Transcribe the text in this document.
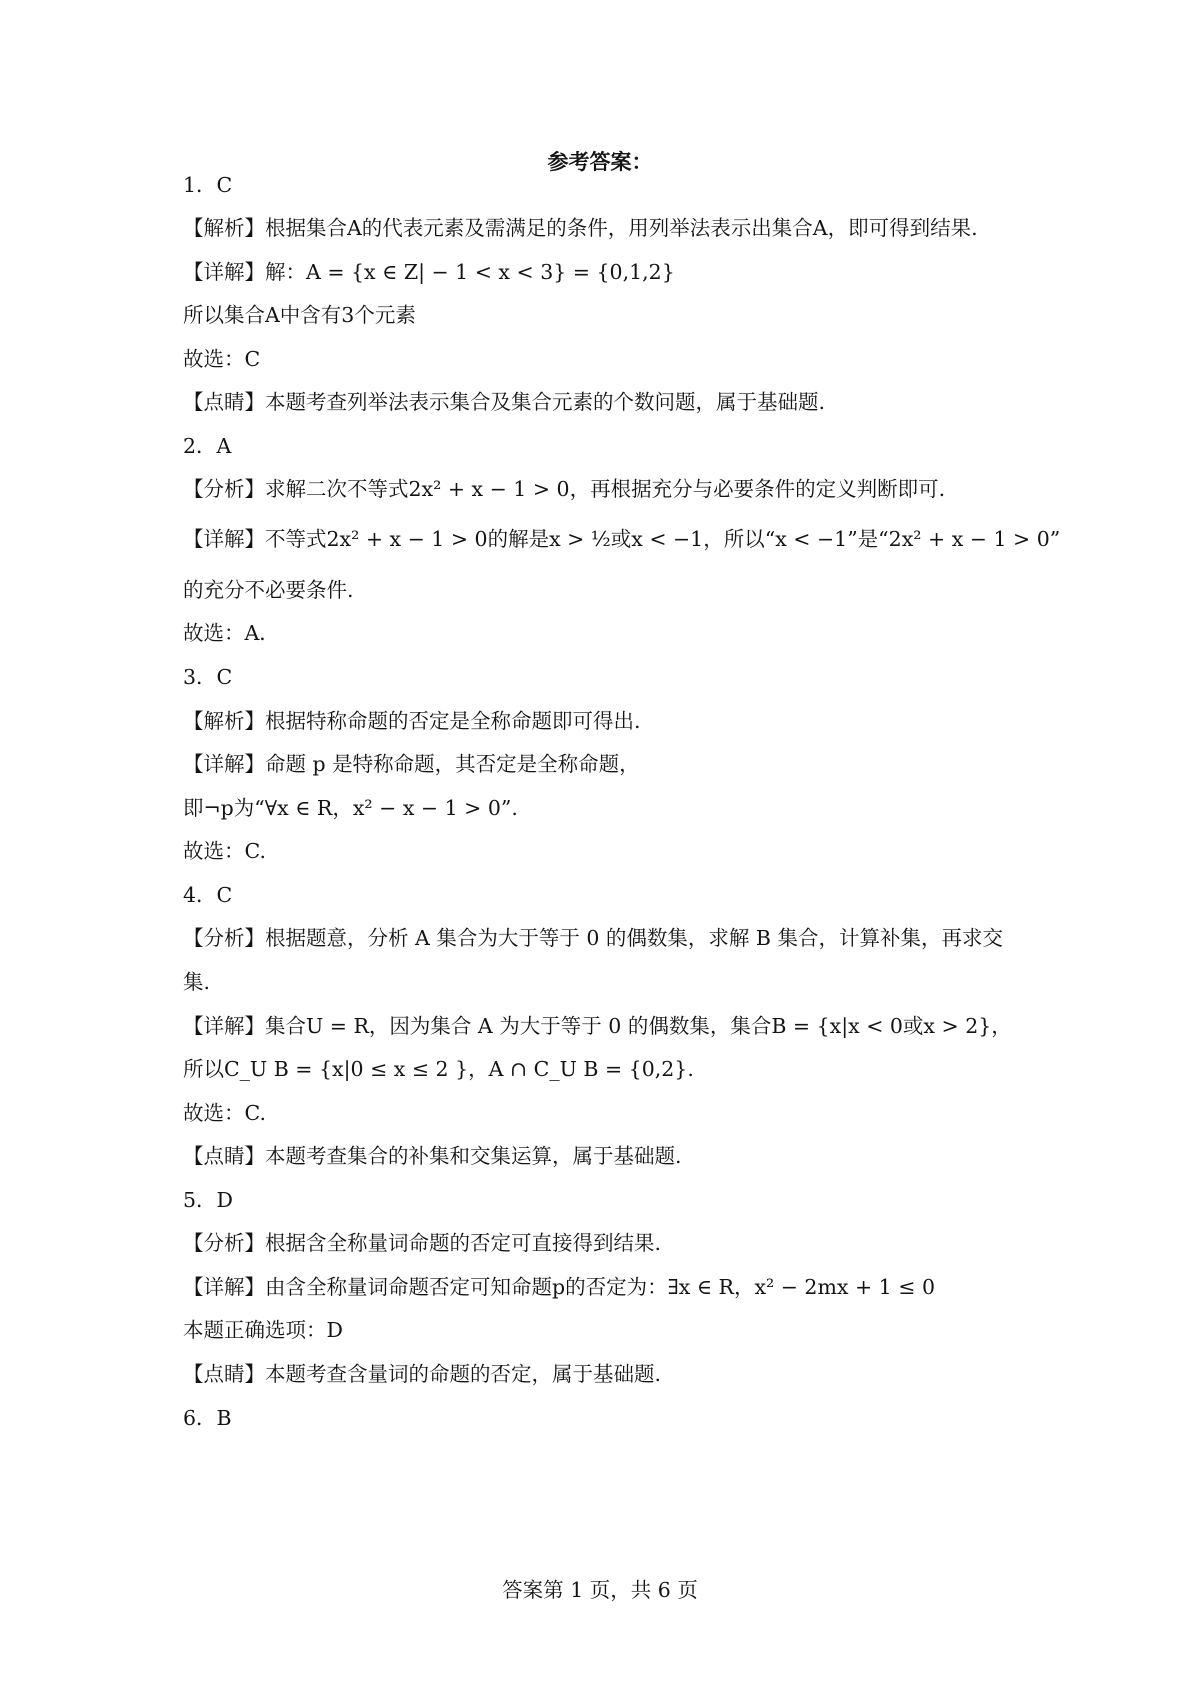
参考答案：
1．C
【解析】根据集合A的代表元素及需满足的条件，用列举法表示出集合A，即可得到结果.
【详解】解：A = {x ∈ Z| − 1 < x < 3} = {0,1,2}
所以集合A中含有3个元素
故选：C
【点睛】本题考查列举法表示集合及集合元素的个数问题，属于基础题.
2．A
【分析】求解二次不等式2x² + x − 1 > 0，再根据充分与必要条件的定义判断即可.
【详解】不等式2x² + x − 1 > 0的解是x > ½或x < −1，所以“x < −1”是“2x² + x − 1 > 0”
的充分不必要条件.
故选：A．
3．C
【解析】根据特称命题的否定是全称命题即可得出.
【详解】命题 p 是特称命题，其否定是全称命题，
即¬p为“∀x ∈ R，x² − x − 1 > 0”.
故选：C.
4．C
【分析】根据题意，分析 A 集合为大于等于 0 的偶数集，求解 B 集合，计算补集，再求交
集.
【详解】集合U = R，因为集合 A 为大于等于 0 的偶数集，集合B = {x|x < 0或x > 2}，
所以C_U B = {x|0 ≤ x ≤ 2 }，A ∩ C_U B = {0,2}.
故选：C.
【点睛】本题考查集合的补集和交集运算，属于基础题.
5．D
【分析】根据含全称量词命题的否定可直接得到结果.
【详解】由含全称量词命题否定可知命题p的否定为：∃x ∈ R，x² − 2mx + 1 ≤ 0
本题正确选项：D
【点睛】本题考查含量词的命题的否定，属于基础题.
6．B
答案第 1 页，共 6 页
